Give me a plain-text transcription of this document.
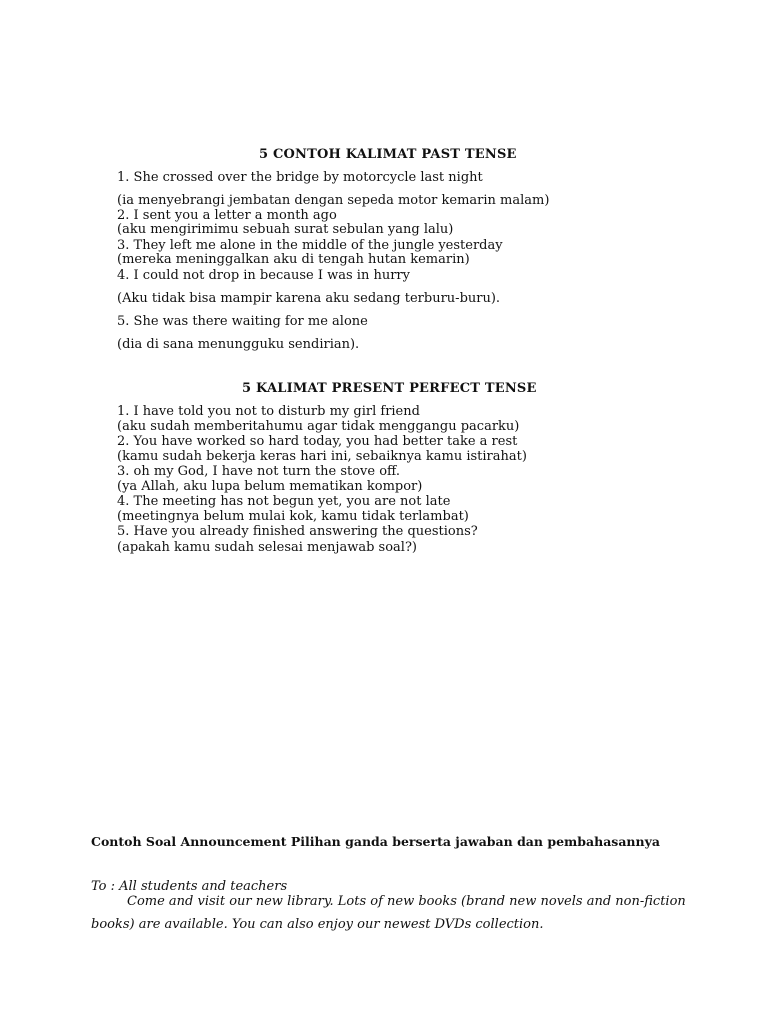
5 CONTOH KALIMAT PAST TENSE
1. She crossed over the bridge by motorcycle last night
(ia menyebrangi jembatan dengan sepeda motor kemarin malam)
2. I sent you a letter a month ago
(aku mengirimimu sebuah surat sebulan yang lalu)
3. They left me alone in the middle of the jungle yesterday
(mereka meninggalkan aku di tengah hutan kemarin)
4. I could not drop in because I was in hurry
(Aku tidak bisa mampir karena aku sedang terburu-buru).
5. She was there waiting for me alone
(dia di sana menungguku sendirian).
5 KALIMAT PRESENT PERFECT TENSE
1. I have told you not to disturb my girl friend
(aku sudah memberitahumu agar tidak menggangu pacarku)
2. You have worked so hard today, you had better take a rest
(kamu sudah bekerja keras hari ini, sebaiknya kamu istirahat)
3. oh my God, I have not turn the stove off.
(ya Allah, aku lupa belum mematikan kompor)
4. The meeting has not begun yet, you are not late
(meetingnya belum mulai kok, kamu tidak terlambat)
5. Have you already finished answering the questions?
(apakah kamu sudah selesai menjawab soal?)
Contoh Soal Announcement Pilihan ganda berserta jawaban dan pembahasannya
To : All students and teachers
Come and visit our new library. Lots of new books (brand new novels and non-fiction
books) are available. You can also enjoy our newest DVDs collection.
